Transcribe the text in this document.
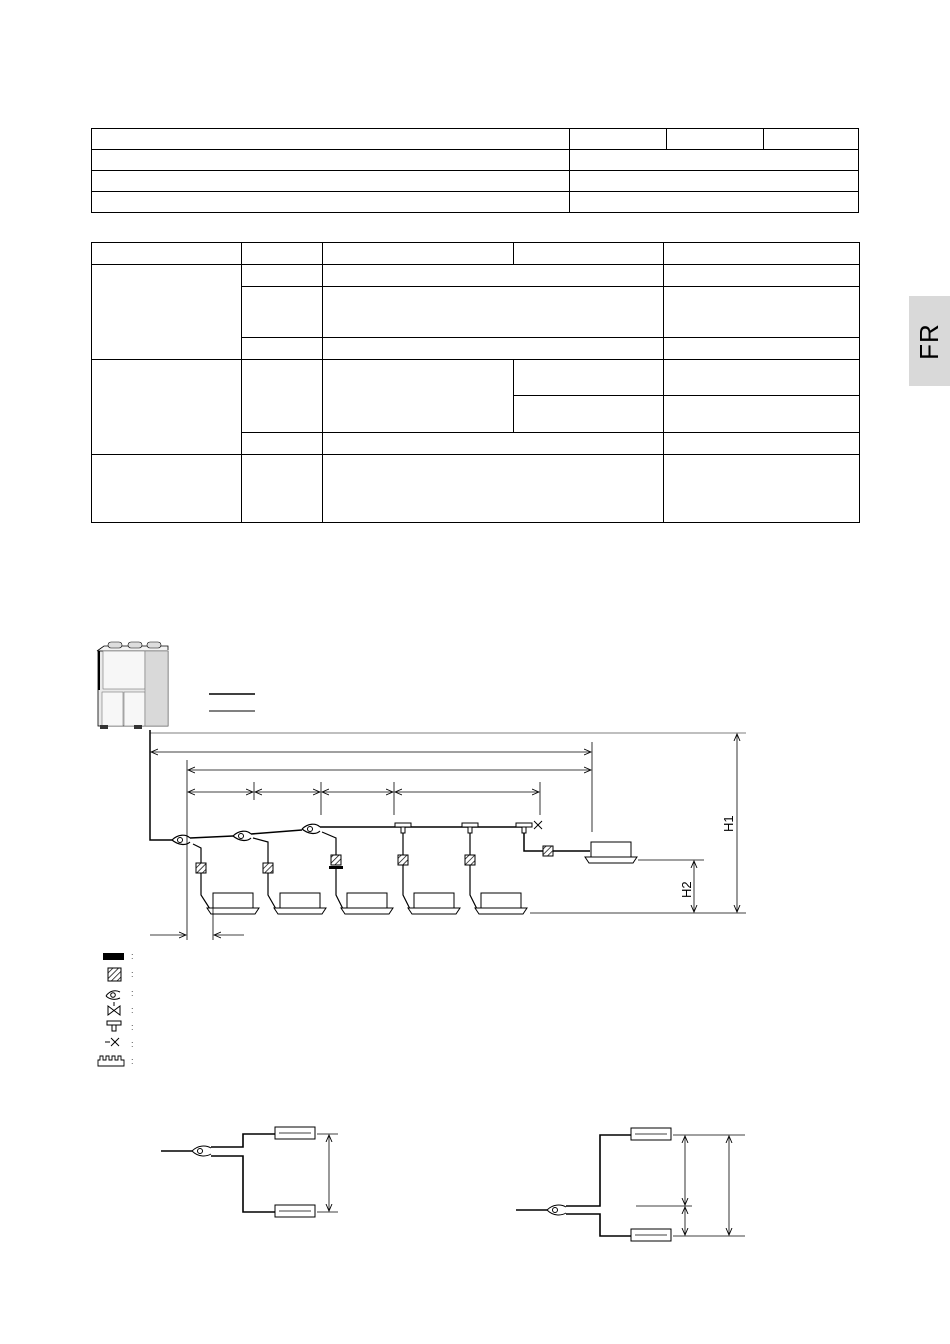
FR

H1
H2
:
:
:
:
:
:
:
